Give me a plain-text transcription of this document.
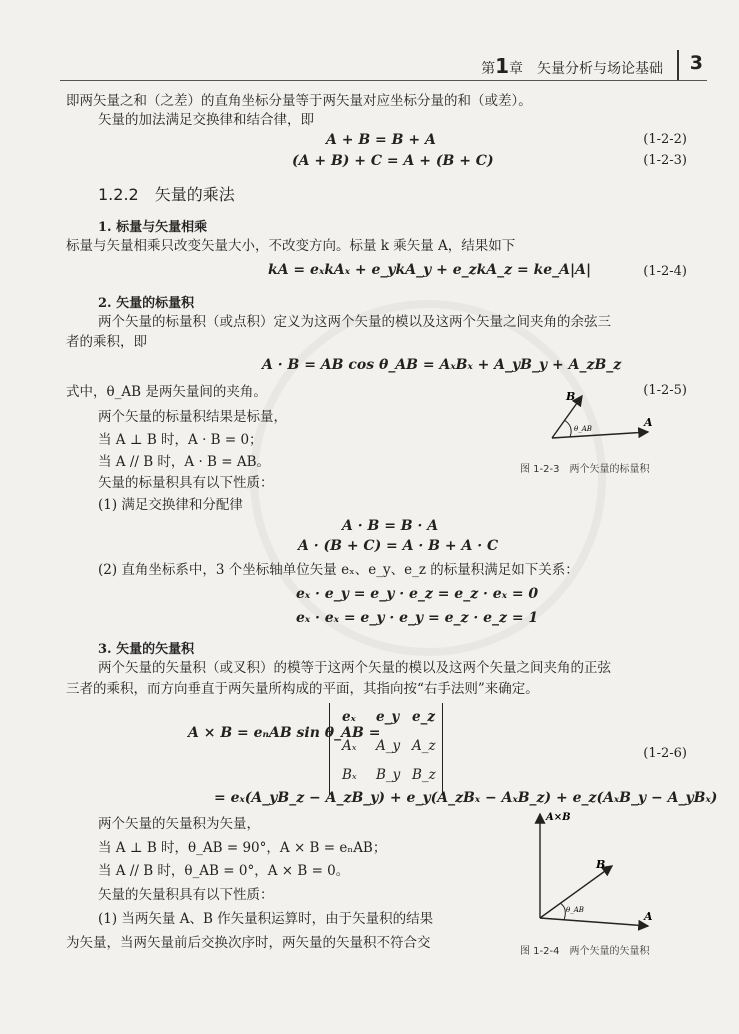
第1章　 矢量分析与场论基础 3
即两矢量之和（之差）的直角坐标分量等于两矢量对应坐标分量的和（或差）。
矢量的加法满足交换律和结合律，即
A + B = B + A	(1-2-2)
(A + B) + C = A + (B + C)	(1-2-3)
1.2.2　矢量的乘法
1. 标量与矢量相乘
标量与矢量相乘只改变矢量大小，不改变方向。标量 k 乘矢量 A，结果如下
kA = eₓkAₓ + e_ykA_y + e_zkA_z = ke_A|A|	(1-2-4)
2. 矢量的标量积
两个矢量的标量积（或点积）定义为这两个矢量的模以及这两个矢量之间夹角的余弦三
者的乘积，即
A · B = AB cos θ_AB = AₓBₓ + A_yB_y + A_zB_z
(1-2-5)
式中，θ_AB 是两矢量间的夹角。
两个矢量的标量积结果是标量，
当 A ⊥ B 时，A · B = 0；
当 A // B 时，A · B = AB。
矢量的标量积具有以下性质：
(1) 满足交换律和分配律
A · B = B · A
A · (B + C) = A · B + A · C
(2) 直角坐标系中，3 个坐标轴单位矢量 eₓ、e_y、e_z 的标量积满足如下关系：
eₓ · e_y = e_y · e_z = e_z · eₓ = 0
eₓ · eₓ = e_y · e_y = e_z · e_z = 1
3. 矢量的矢量积
两个矢量的矢量积（或叉积）的模等于这两个矢量的模以及这两个矢量之间夹角的正弦
三者的乘积，而方向垂直于两矢量所构成的平面，其指向按“右手法则”来确定。
A × B = eₙAB sin θ_AB =
eₓ e_y e_z
Aₓ A_y A_z
Bₓ B_y B_z
(1-2-6)
= eₓ(A_yB_z − A_zB_y) + e_y(A_zBₓ − AₓB_z) + e_z(AₓB_y − A_yBₓ)
两个矢量的矢量积为矢量，
当 A ⊥ B 时，θ_AB = 90°，A × B = eₙAB；
当 A // B 时，θ_AB = 0°，A × B = 0。
矢量的矢量积具有以下性质：
(1) 当两矢量 A、B 作矢量积运算时，由于矢量积的结果
为矢量，当两矢量前后交换次序时，两矢量的矢量积不符合交
B
A
θ_AB
图 1-2-3　两个矢量的标量积
A×B
B
A
θ_AB
图 1-2-4　两个矢量的矢量积
